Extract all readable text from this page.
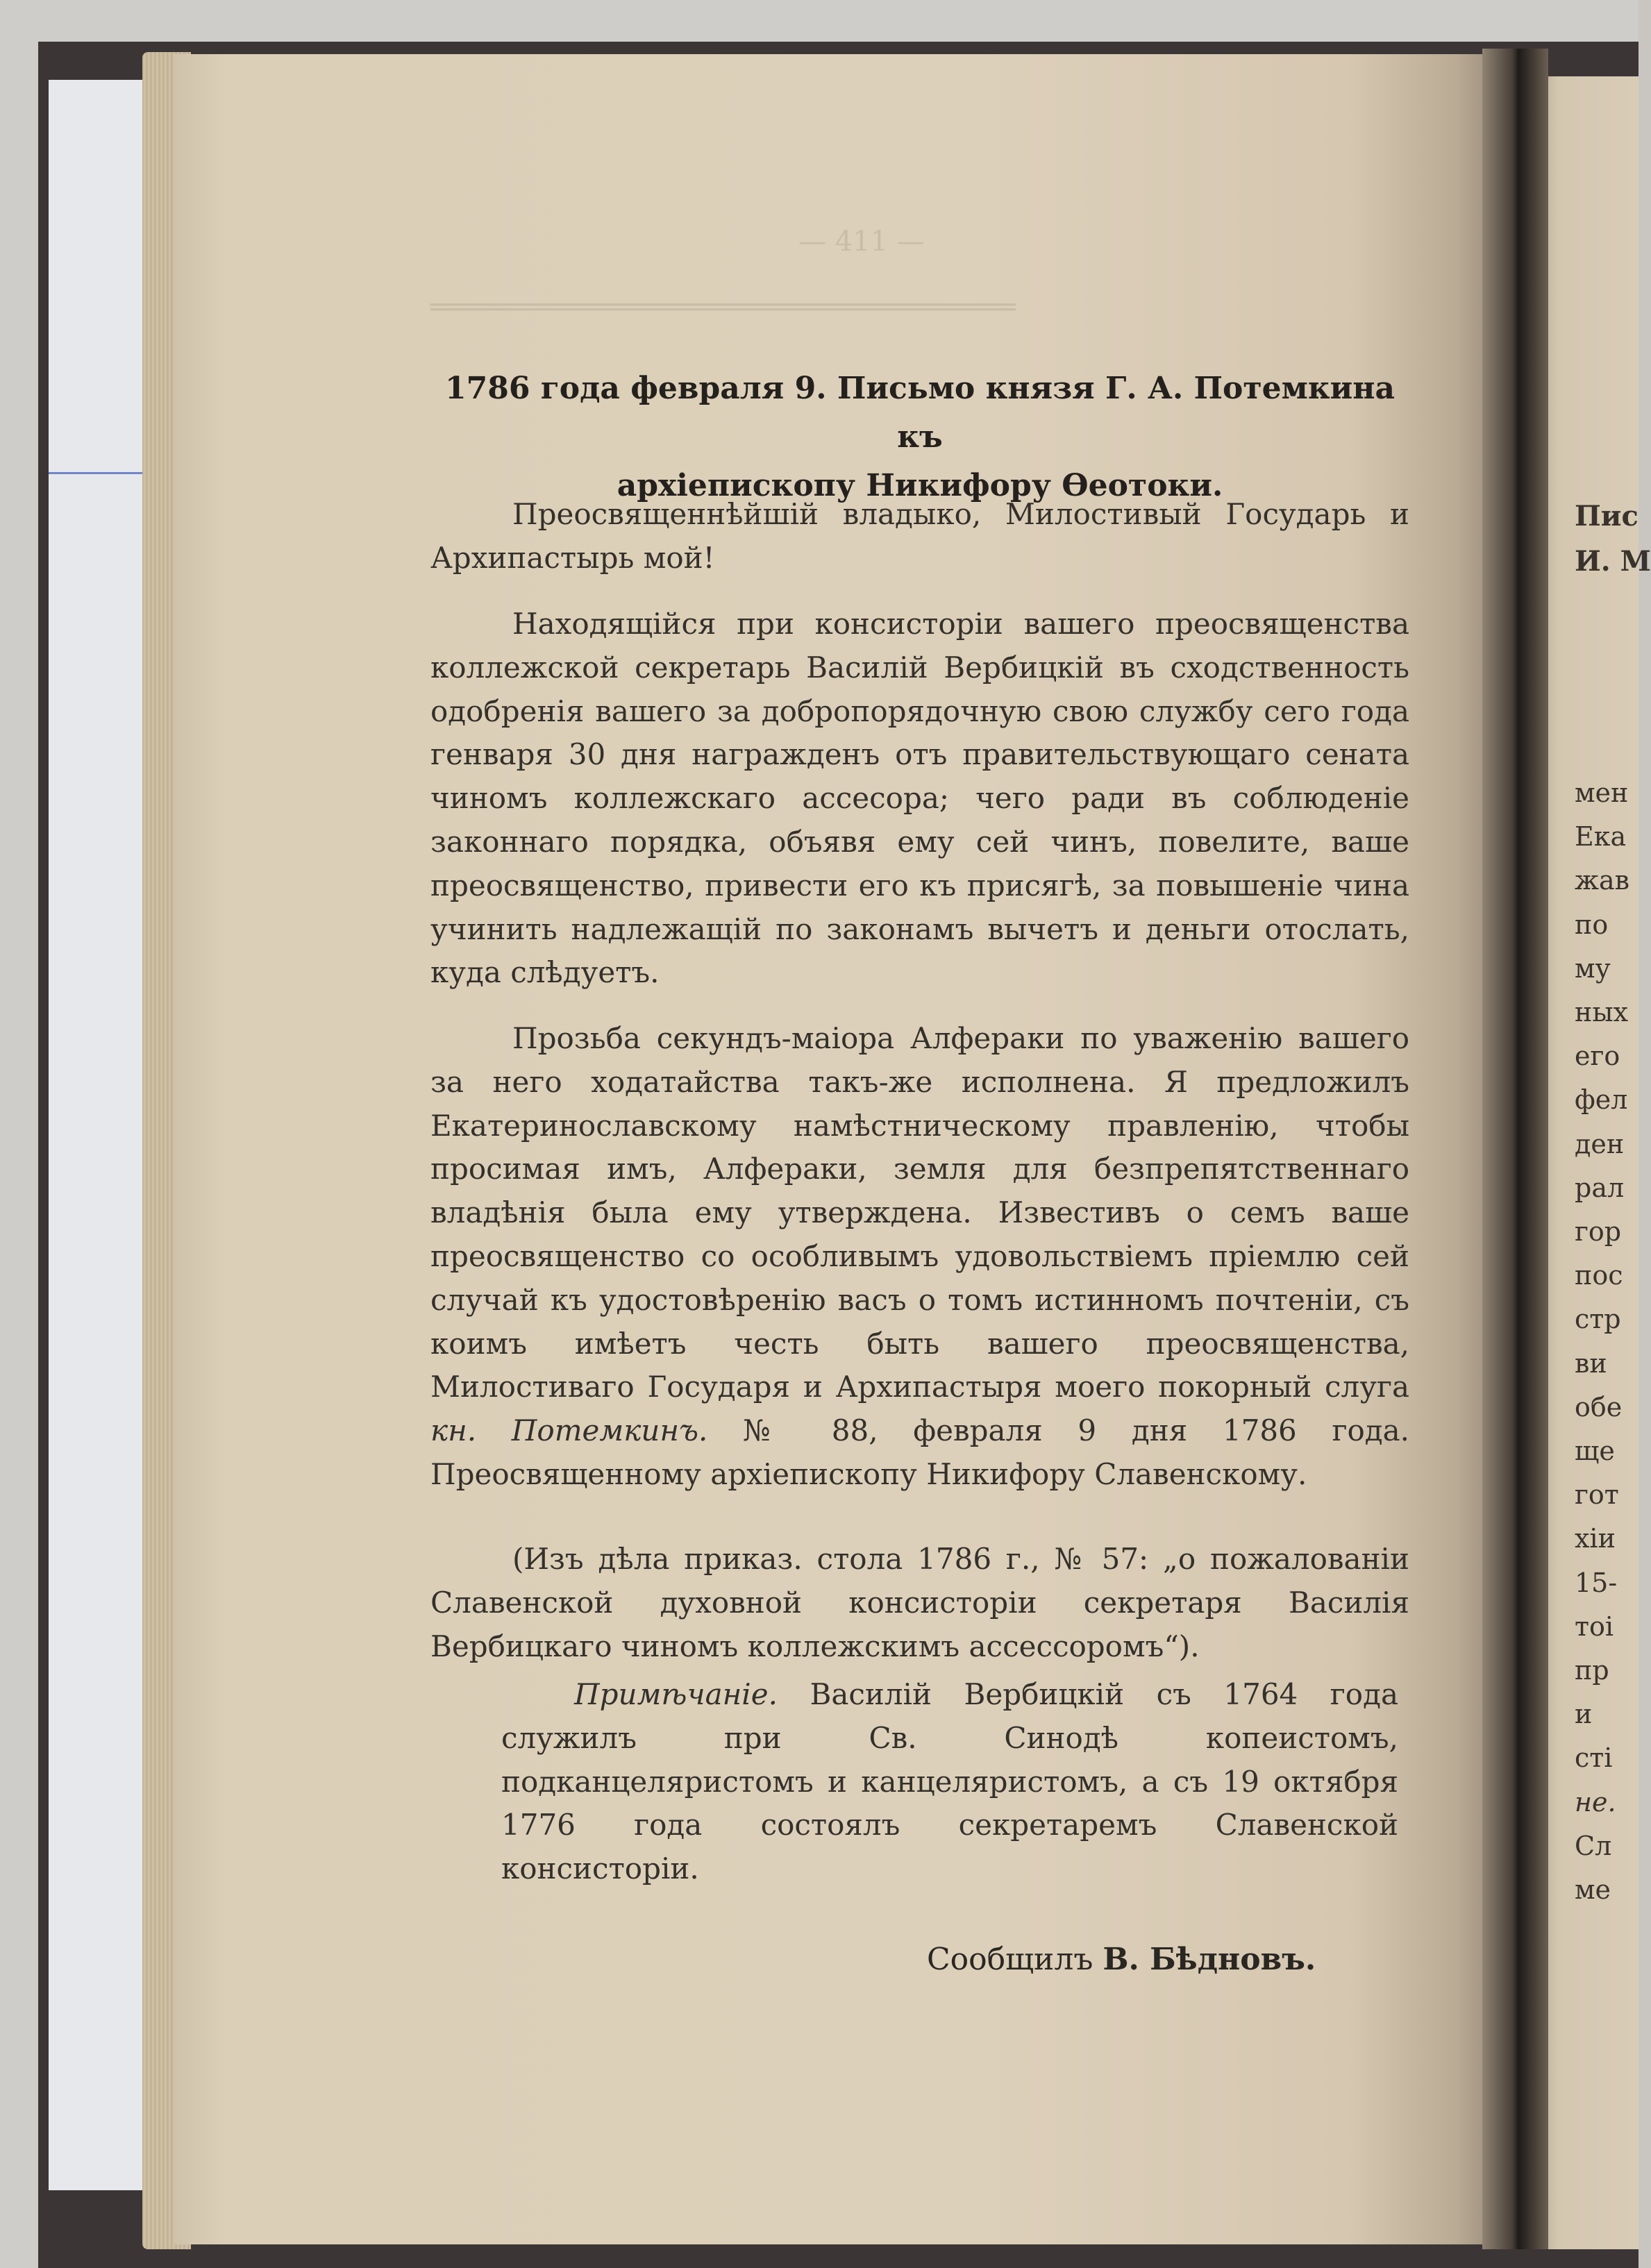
— 411 —
═══════════════════════════════════
1786 года февраля 9. Письмо князя Г. А. Потемкина къ
архіепископу Никифору Ѳеотоки.
Преосвященнѣйшій владыко, Милостивый Государь и Архипастырь мой!
Находящійся при консисторіи вашего преосвященства коллежской секретарь Василій Вербицкій въ сходственность одобренія вашего за добропорядочную свою службу сего года генваря 30 дня награжденъ отъ правительствующаго сената чиномъ коллежскаго ассесора; чего ради въ соблюденіе законнаго порядка, объявя ему сей чинъ, повелите, ваше преосвященство, привести его къ присягѣ, за повышеніе чина учинить надлежащій по законамъ вычетъ и деньги отослать, куда слѣдуетъ.
Прозьба секундъ-маіора Алфераки по уваженію вашего за него ходатайства такъ-же исполнена. Я предложилъ Екатеринославскому намѣстническому правленію, чтобы просимая имъ, Алфераки, земля для безпрепятственнаго владѣнія была ему утверждена. Известивъ о семъ ваше преосвященство со особливымъ удовольствіемъ пріемлю сей случай къ удостовѣренію васъ о томъ истинномъ почтеніи, съ коимъ имѣетъ честь быть вашего преосвященства, Милостиваго Государя и Архипастыря моего покорный слуга кн. Потемкинъ. № 88, февраля 9 дня 1786 года. Преосвященному архіепископу Никифору Славенскому.
(Изъ дѣла приказ. стола 1786 г., № 57: „о пожалованіи Славенской духовной консисторіи секретаря Василія Вербицкаго чиномъ коллежскимъ ассессоромъ“).
Примѣчаніе. Василій Вербицкій съ 1764 года служилъ при Св. Синодѣ копеистомъ, подканцеляристомъ и канцеляристомъ, а съ 19 октября 1776 года состоялъ секретаремъ Славенской консисторіи.
Сообщилъ В. Бѣдновъ.
Пис
И. М
мен
Ека
жав
по
му
ных
его
фел
ден
рал
гор
пос
стр
ви
обе
ще
гот
хіи
15-
тоі
пр
и
сті
не.
Сл
ме
